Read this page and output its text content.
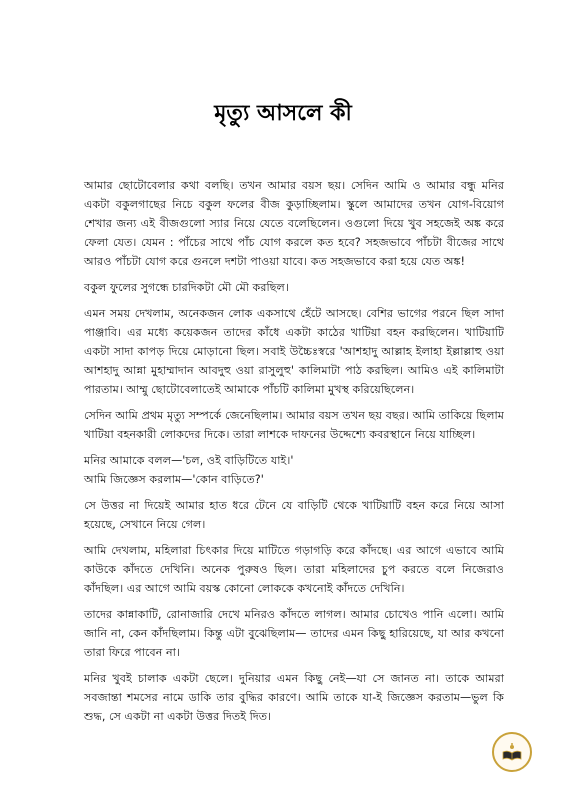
মৃত্যু আসলে কী

আমার ছোটোবেলার কথা বলছি। তখন আমার বয়স ছয়। সেদিন আমি ও আমার বন্ধু মনির একটা বকুলগাছের নিচে বকুল ফলের বীজ কুড়াচ্ছিলাম। স্কুলে আমাদের তখন যোগ-বিয়োগ শেখার জন্য এই বীজগুলো স্যার নিয়ে যেতে বলেছিলেন। ওগুলো দিয়ে খুব সহজেই অঙ্ক করে ফেলা যেত। যেমন : পাঁচের সাথে পাঁচ যোগ করলে কত হবে? সহজভাবে পাঁচটা বীজের সাথে আরও পাঁচটা যোগ করে গুনলে দশটা পাওয়া যাবে। কত সহজভাবে করা হয়ে যেত অঙ্ক!

বকুল ফুলের সুগন্ধে চারদিকটা মৌ মৌ করছিল।

এমন সময় দেখলাম, অনেকজন লোক একসাথে হেঁটে আসছে। বেশির ভাগের পরনে ছিল সাদা পাঞ্জাবি। এর মধ্যে কয়েকজন তাদের কাঁধে একটা কাঠের খাটিয়া বহন করছিলেন। খাটিয়াটি একটা সাদা কাপড় দিয়ে মোড়ানো ছিল। সবাই উচ্চৈঃস্বরে 'আশহাদু আল্লাহ ইলাহা ইল্লাল্লাহু ওয়া আশহাদু আন্না মুহাম্মাদান আবদুহু ওয়া রাসুলুহু' কালিমাটা পাঠ করছিল। আমিও এই কালিমাটা পারতাম। আম্মু ছোটোবেলাতেই আমাকে পাঁচটি কালিমা মুখস্থ করিয়েছিলেন।

সেদিন আমি প্রথম মৃত্যু সম্পর্কে জেনেছিলাম। আমার বয়স তখন ছয় বছর। আমি তাকিয়ে ছিলাম খাটিয়া বহনকারী লোকদের দিকে। তারা লাশকে দাফনের উদ্দেশ্যে কবরস্থানে নিয়ে যাচ্ছিল।

মনির আমাকে বলল—'চল, ওই বাড়িটিতে যাই।'

আমি জিজ্ঞেস করলাম—'কোন বাড়িতে?'

সে উত্তর না দিয়েই আমার হাত ধরে টেনে যে বাড়িটি থেকে খাটিয়াটি বহন করে নিয়ে আসা হয়েছে, সেখানে নিয়ে গেল।

আমি দেখলাম, মহিলারা চিৎকার দিয়ে মাটিতে গড়াগড়ি করে কাঁদছে। এর আগে এভাবে আমি কাউকে কাঁদতে দেখিনি। অনেক পুরুষও ছিল। তারা মহিলাদের চুপ করতে বলে নিজেরাও কাঁদছিল। এর আগে আমি বয়স্ক কোনো লোককে কখনোই কাঁদতে দেখিনি।

তাদের কান্নাকাটি, রোনাজারি দেখে মনিরও কাঁদতে লাগল। আমার চোখেও পানি এলো। আমি জানি না, কেন কাঁদছিলাম। কিন্তু এটা বুঝেছিলাম— তাদের এমন কিছু হারিয়েছে, যা আর কখনো তারা ফিরে পাবেন না।

মনির খুবই চালাক একটা ছেলে। দুনিয়ার এমন কিছু নেই—যা সে জানত না। তাকে আমরা সবজান্তা শমসের নামে ডাকি তার বুদ্ধির কারণে। আমি তাকে যা-ই জিজ্ঞেস করতাম—ভুল কি শুদ্ধ, সে একটা না একটা উত্তর দিতই দিত।
